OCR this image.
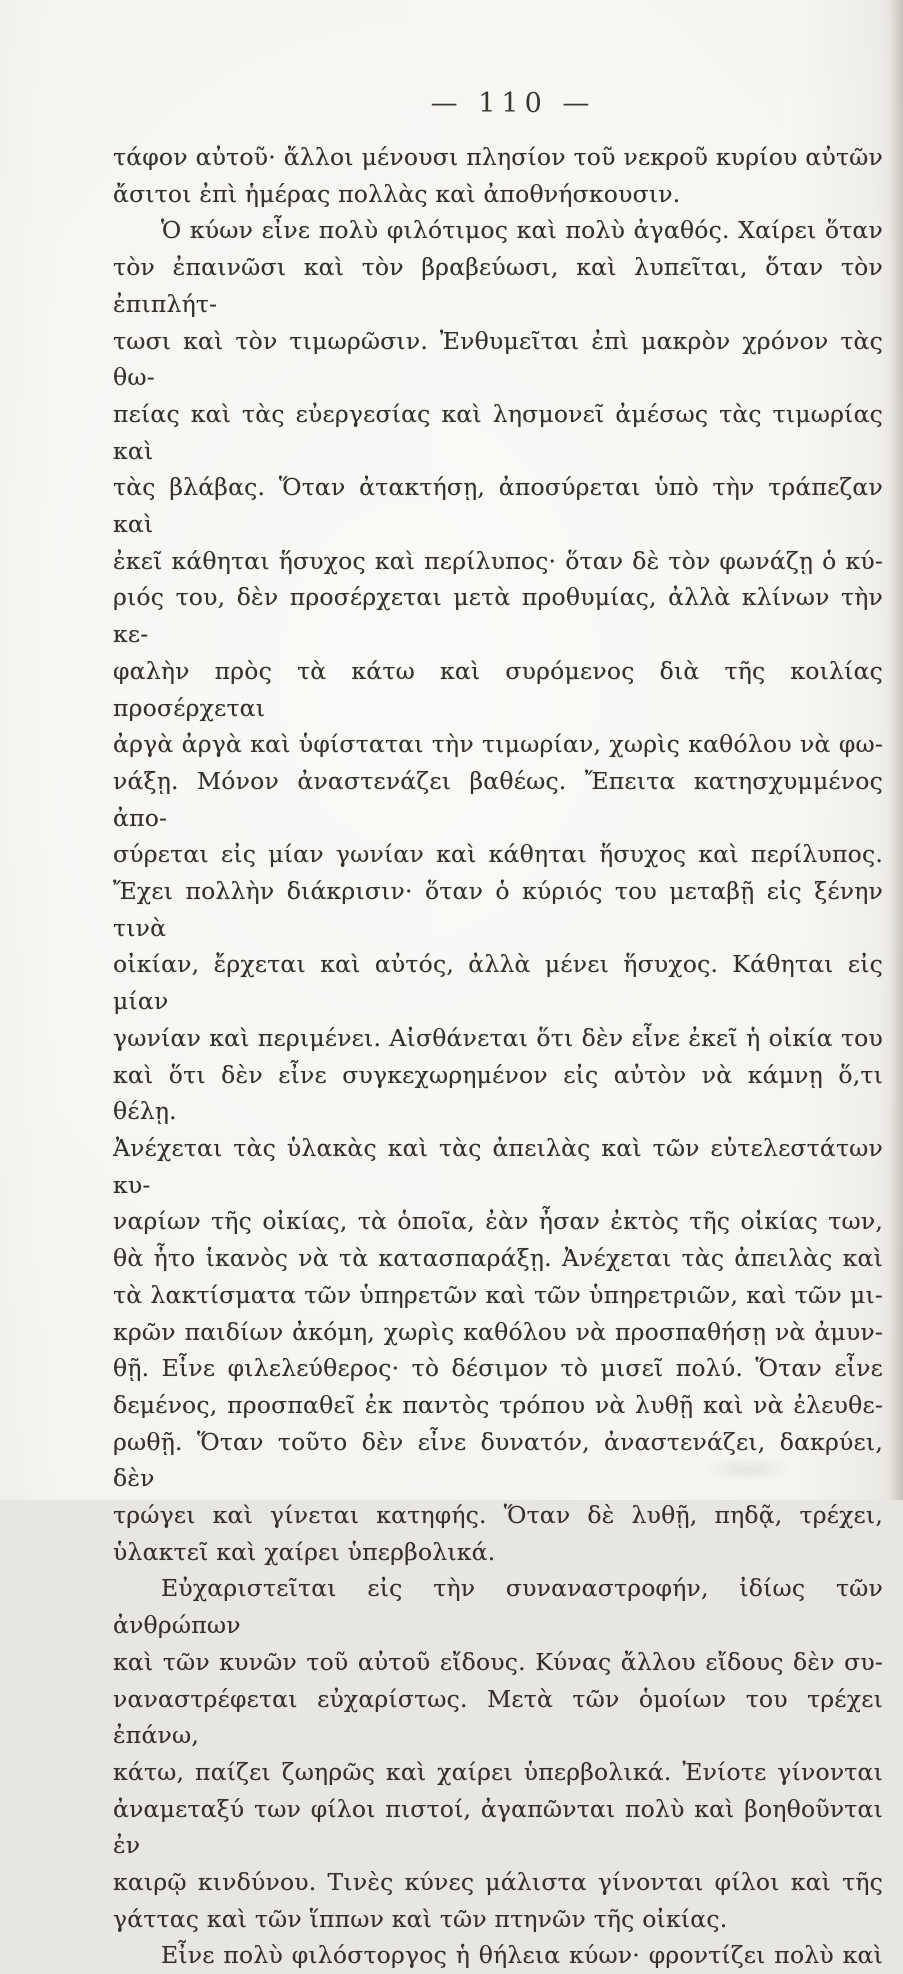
— 110 —
τάφον αὐτοῦ· ἄλλοι μένουσι πλησίον τοῦ νεκροῦ κυρίου αὐτῶν
ἄσιτοι ἐπὶ ἡμέρας πολλὰς καὶ ἀποθνήσκουσιν.
Ὁ κύων εἶνε πολὺ φιλότιμος καὶ πολὺ ἀγαθός. Χαίρει ὅταν
τὸν ἐπαινῶσι καὶ τὸν βραβεύωσι, καὶ λυπεῖται, ὅταν τὸν ἐπιπλήτ-
τωσι καὶ τὸν τιμωρῶσιν. Ἐνθυμεῖται ἐπὶ μακρὸν χρόνον τὰς θω-
πείας καὶ τὰς εὐεργεσίας καὶ λησμονεῖ ἀμέσως τὰς τιμωρίας καὶ
τὰς βλάβας. Ὅταν ἀτακτήσῃ, ἀποσύρεται ὑπὸ τὴν τράπεζαν καὶ
ἐκεῖ κάθηται ἥσυχος καὶ περίλυπος· ὅταν δὲ τὸν φωνάζῃ ὁ κύ-
ριός του, δὲν προσέρχεται μετὰ προθυμίας, ἀλλὰ κλίνων τὴν κε-
φαλὴν πρὸς τὰ κάτω καὶ συρόμενος διὰ τῆς κοιλίας προσέρχεται
ἀργὰ ἀργὰ καὶ ὑφίσταται τὴν τιμωρίαν, χωρὶς καθόλου νὰ φω-
νάξῃ. Μόνον ἀναστενάζει βαθέως. Ἔπειτα κατησχυμμένος ἀπο-
σύρεται εἰς μίαν γωνίαν καὶ κάθηται ἥσυχος καὶ περίλυπος.
Ἔχει πολλὴν διάκρισιν· ὅταν ὁ κύριός του μεταβῇ εἰς ξένην τινὰ
οἰκίαν, ἔρχεται καὶ αὐτός, ἀλλὰ μένει ἥσυχος. Κάθηται εἰς μίαν
γωνίαν καὶ περιμένει. Αἰσθάνεται ὅτι δὲν εἶνε ἐκεῖ ἡ οἰκία του
καὶ ὅτι δὲν εἶνε συγκεχωρημένον εἰς αὐτὸν νὰ κάμνῃ ὅ,τι θέλῃ.
Ἀνέχεται τὰς ὑλακὰς καὶ τὰς ἀπειλὰς καὶ τῶν εὐτελεστάτων κυ-
ναρίων τῆς οἰκίας, τὰ ὁποῖα, ἐὰν ἦσαν ἐκτὸς τῆς οἰκίας των,
θὰ ἦτο ἱκανὸς νὰ τὰ κατασπαράξῃ. Ἀνέχεται τὰς ἀπειλὰς καὶ
τὰ λακτίσματα τῶν ὑπηρετῶν καὶ τῶν ὑπηρετριῶν, καὶ τῶν μι-
κρῶν παιδίων ἀκόμη, χωρὶς καθόλου νὰ προσπαθήσῃ νὰ ἀμυν-
θῇ. Εἶνε φιλελεύθερος· τὸ δέσιμον τὸ μισεῖ πολύ. Ὅταν εἶνε
δεμένος, προσπαθεῖ ἐκ παντὸς τρόπου νὰ λυθῇ καὶ νὰ ἐλευθε-
ρωθῇ. Ὅταν τοῦτο δὲν εἶνε δυνατόν, ἀναστενάζει, δακρύει, δὲν
τρώγει καὶ γίνεται κατηφής. Ὅταν δὲ λυθῇ, πηδᾷ, τρέχει,
ὑλακτεῖ καὶ χαίρει ὑπερβολικά.
Εὐχαριστεῖται εἰς τὴν συναναστροφήν, ἰδίως τῶν ἀνθρώπων
καὶ τῶν κυνῶν τοῦ αὐτοῦ εἴδους. Κύνας ἄλλου εἴδους δὲν συ-
ναναστρέφεται εὐχαρίστως. Μετὰ τῶν ὁμοίων του τρέχει ἐπάνω,
κάτω, παίζει ζωηρῶς καὶ χαίρει ὑπερβολικά. Ἐνίοτε γίνονται
ἀναμεταξύ των φίλοι πιστοί, ἀγαπῶνται πολὺ καὶ βοηθοῦνται ἐν
καιρῷ κινδύνου. Τινὲς κύνες μάλιστα γίνονται φίλοι καὶ τῆς
γάττας καὶ τῶν ἵππων καὶ τῶν πτηνῶν τῆς οἰκίας.
Εἶνε πολὺ φιλόστοργος ἡ θήλεια κύων· φροντίζει πολὺ καὶ
